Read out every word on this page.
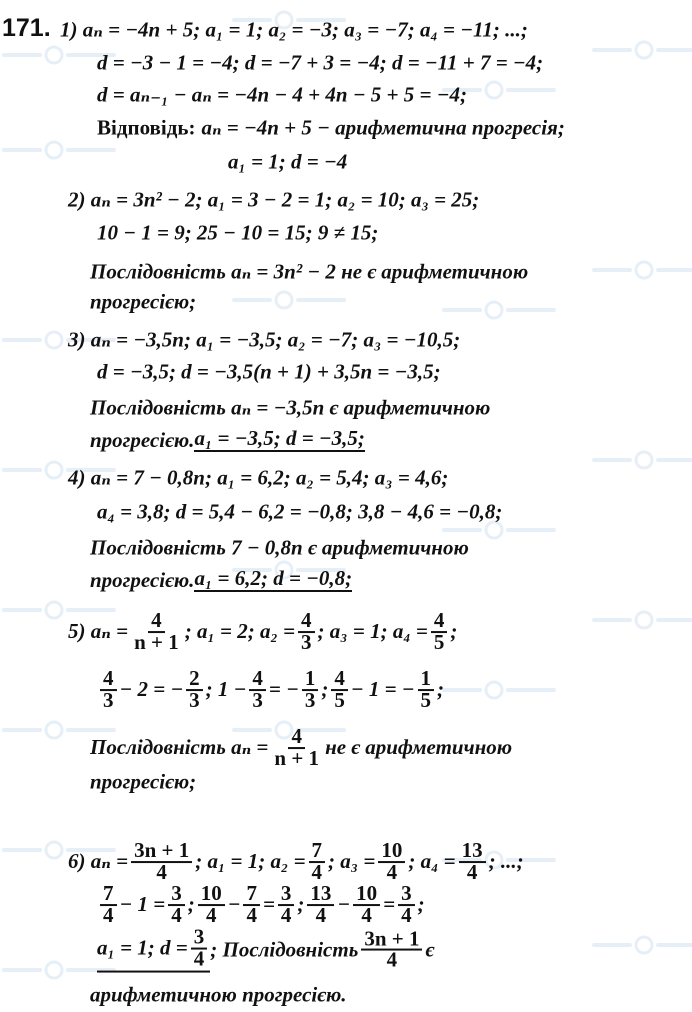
171. 1) aₙ = −4n + 5; a₁ = 1; a₂ = −3; a₃ = −7; a₄ = −11; ...;
d = −3 − 1 = −4; d = −7 + 3 = −4; d = −11 + 7 = −4;
d = aₙ₋₁ − aₙ = −4n − 4 + 4n − 5 + 5 = −4;
Відповідь: aₙ = −4n + 5 − арифметична прогресія;
a₁ = 1; d = −4
2) aₙ = 3n² − 2; a₁ = 3 − 2 = 1; a₂ = 10; a₃ = 25;
10 − 1 = 9; 25 − 10 = 15; 9 ≠ 15;
Послідовність aₙ = 3n² − 2 не є арифметичною
прогресією;
3) aₙ = −3,5n; a₁ = −3,5; a₂ = −7; a₃ = −10,5;
d = −3,5; d = −3,5(n + 1) + 3,5n = −3,5;
Послідовність aₙ = −3,5n є арифметичною
прогресією. a₁ = −3,5; d = −3,5;
4) aₙ = 7 − 0,8n; a₁ = 6,2; a₂ = 5,4; a₃ = 4,6;
a₄ = 3,8; d = 5,4 − 6,2 = −0,8; 3,8 − 4,6 = −0,8;
Послідовність 7 − 0,8n є арифметичною
прогресією. a₁ = 6,2; d = −0,8;
5) $a_n = \frac{4}{n + 1}$ ; a₁ = 2; $a_2 = \frac{4}{3}$ ; a₃ = 1; $a_4 = \frac{4}{5}$ ;
$\frac{4}{3} - 2$ = − $\frac{2}{3}$ ; $1 - \frac{4}{3}$ = − $\frac{1}{3}$ ; $\frac{4}{5} - 1$ = − $\frac{1}{5}$ ;
Послідовність $a_n = \frac{4}{n + 1}$ не є арифметичною
прогресією;
6) $a_n = \frac{3n + 1}{4}$ ; a₁ = 1; $a_2 = \frac{7}{4}$ ; $a_3 = \frac{10}{4}$ ; $a_4 = \frac{13}{4}$ ; ...;
$\frac{7}{4} - 1 = \frac{3}{4}$ ; $\frac{10}{4} - \frac{7}{4} = \frac{3}{4}$ ; $\frac{13}{4} - \frac{10}{4} = \frac{3}{4}$ ;
a₁ = 1; $d = \frac{3}{4}$ ; Послідовність $\frac{3n + 1}{4}$ є
арифметичною прогресією.
